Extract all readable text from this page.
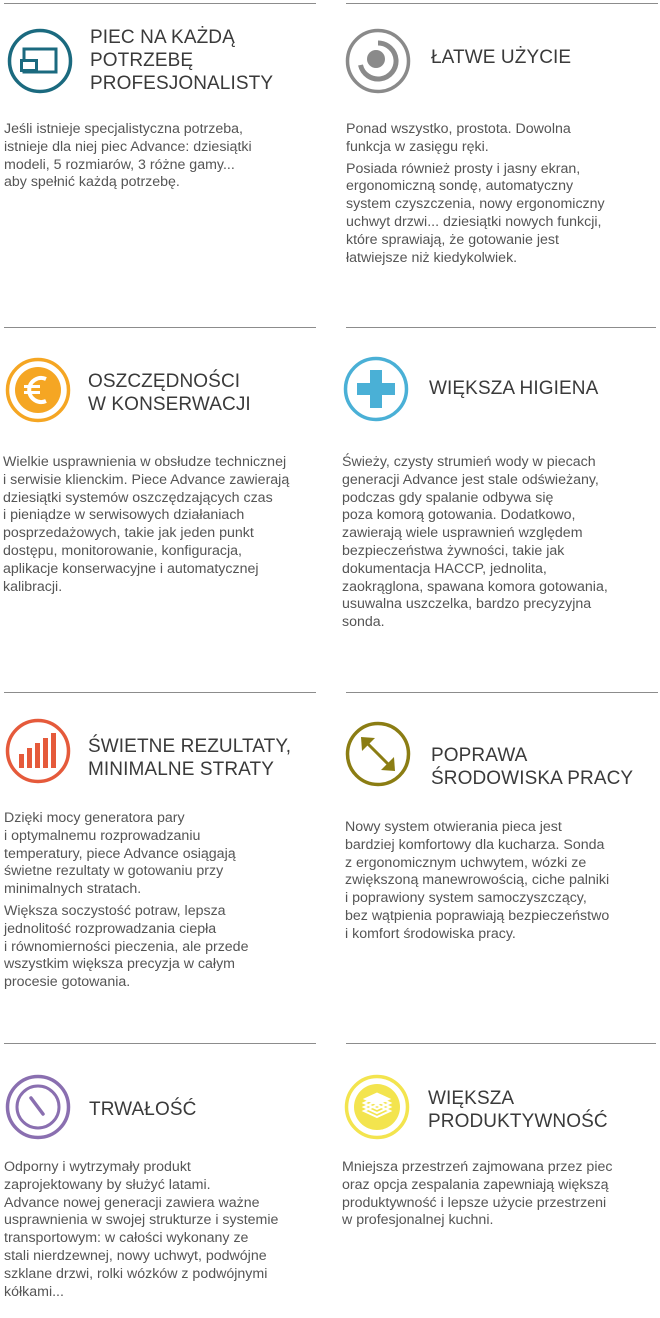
PIEC NA KAŻDĄ
POTRZEBĘ
PROFESJONALISTY

Jeśli istnieje specjalistyczna potrzeba,
istnieje dla niej piec Advance: dziesiątki
modeli, 5 rozmiarów, 3 różne gamy...
aby spełnić każdą potrzebę.

ŁATWE UŻYCIE

Ponad wszystko, prostota. Dowolna
funkcja w zasięgu ręki.

Posiada również prosty i jasny ekran,
ergonomiczną sondę, automatyczny
system czyszczenia, nowy ergonomiczny
uchwyt drzwi... dziesiątki nowych funkcji,
które sprawiają, że gotowanie jest
łatwiejsze niż kiedykolwiek.

OSZCZĘDNOŚCI
W KONSERWACJI

Wielkie usprawnienia w obsłudze technicznej
i serwisie klienckim. Piece Advance zawierają
dziesiątki systemów oszczędzających czas
i pieniądze w serwisowych działaniach
posprzedażowych, takie jak jeden punkt
dostępu, monitorowanie, konfiguracja,
aplikacje konserwacyjne i automatycznej
kalibracji.

WIĘKSZA HIGIENA

Świeży, czysty strumień wody w piecach
generacji Advance jest stale odświeżany,
podczas gdy spalanie odbywa się
poza komorą gotowania. Dodatkowo,
zawierają wiele usprawnień względem
bezpieczeństwa żywności, takie jak
dokumentacja HACCP, jednolita,
zaokrąglona, spawana komora gotowania,
usuwalna uszczelka, bardzo precyzyjna
sonda.

ŚWIETNE REZULTATY,
MINIMALNE STRATY

Dzięki mocy generatora pary
i optymalnemu rozprowadzaniu
temperatury, piece Advance osiągają
świetne rezultaty w gotowaniu przy
minimalnych stratach.

Większa soczystość potraw, lepsza
jednolitość rozprowadzania ciepła
i równomierności pieczenia, ale przede
wszystkim większa precyzja w całym
procesie gotowania.

POPRAWA
ŚRODOWISKA PRACY

Nowy system otwierania pieca jest
bardziej komfortowy dla kucharza. Sonda
z ergonomicznym uchwytem, wózki ze
zwiększoną manewrowością, ciche palniki
i poprawiony system samoczyszczący,
bez wątpienia poprawiają bezpieczeństwo
i komfort środowiska pracy.

TRWAŁOŚĆ

Odporny i wytrzymały produkt
zaprojektowany by służyć latami.
Advance nowej generacji zawiera ważne
usprawnienia w swojej strukturze i systemie
transportowym: w całości wykonany ze
stali nierdzewnej, nowy uchwyt, podwójne
szklane drzwi, rolki wózków z podwójnymi
kółkami...

WIĘKSZA
PRODUKTYWNOŚĆ

Mniejsza przestrzeń zajmowana przez piec
oraz opcja zespalania zapewniają większą
produktywność i lepsze użycie przestrzeni
w profesjonalnej kuchni.
